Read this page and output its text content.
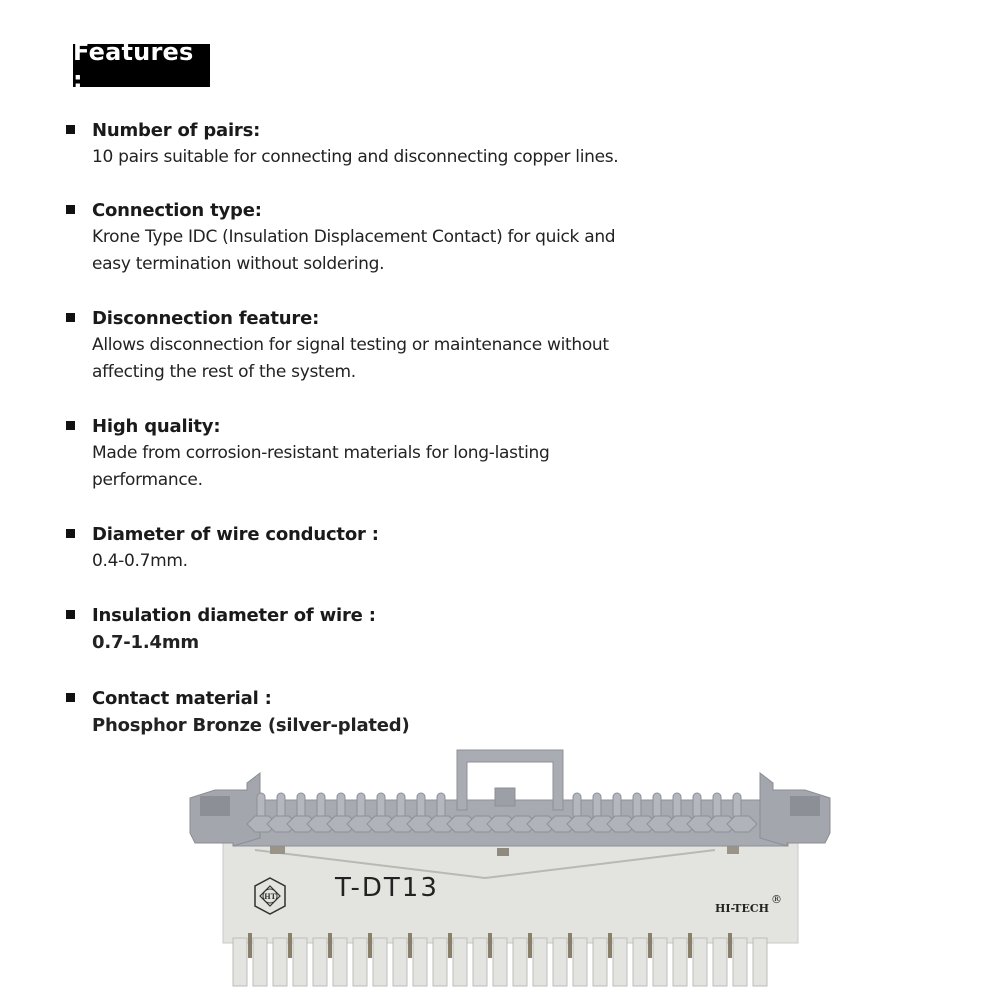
Features :
Number of pairs:
10 pairs suitable for connecting and disconnecting copper lines.
Connection type:
Krone Type IDC (Insulation Displacement Contact) for quick and
easy termination without soldering.
Disconnection feature:
Allows disconnection for signal testing or maintenance without
affecting the rest of the system.
High quality:
Made from corrosion-resistant materials for long-lasting
performance.
Diameter of wire conductor :
0.4-0.7mm.
Insulation diameter of wire :
0.7-1.4mm
Contact material :
Phosphor Bronze (silver-plated)
HT T-DT13
HI-TECH
®
